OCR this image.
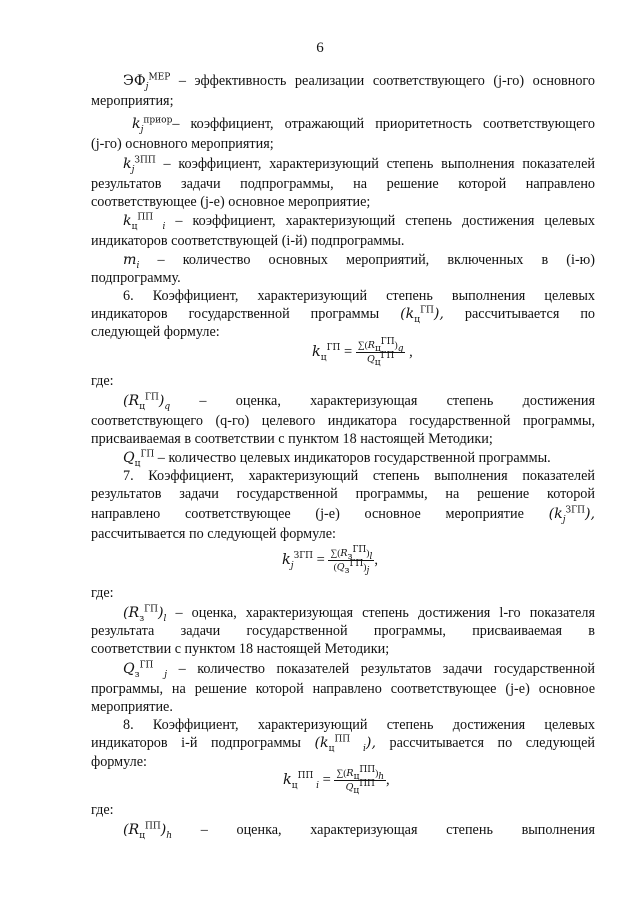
6
$ЭФ_j^{МЕР}$ – эффективность реализации соответствующего (j-го) основного
мероприятия;
$k_j^{приор}-$ коэффициент, отражающий приоритетность соответствующего
(j-го) основного мероприятия;
$k_j^{ЗПП}$ – коэффициент, характеризующий степень выполнения показателей
результатов задачи подпрограммы, на решение которой направлено
соответствующее (j-е) основное мероприятие;
$k_ц^{ПП}$ $_i$ – коэффициент, характеризующий степень достижения целевых
индикаторов соответствующей (i-й) подпрограммы.
$m_i$ – количество основных мероприятий, включенных в (i-ю)
подпрограмму.
6. Коэффициент, характеризующий степень выполнения целевых
индикаторов государственной программы $(k_ц^{ГП})$, рассчитывается по
следующей формуле:
$k_ц^{ГП} = \frac{\sum(R_ц^{ГП})_q}{Q_ц^{ГП}}$ ,
где:
$(R_ц^{ГП})_q$ – оценка, характеризующая степень достижения
соответствующего (q-го) целевого индикатора государственной программы,
присваиваемая в соответствии с пунктом 18 настоящей Методики;
$Q_ц^{ГП}$ – количество целевых индикаторов государственной программы.
7. Коэффициент, характеризующий степень выполнения показателей
результатов задачи государственной программы, на решение которой
направлено соответствующее (j-е) основное мероприятие $(k_j^{ЗГП})$,
рассчитывается по следующей формуле:
$k_j^{ЗГП} = \frac{\sum(R_з^{ГП})_l}{(Q_з^{ГП})_j}$ ,
где:
$(R_з^{ГП})_l$ – оценка, характеризующая степень достижения l-го показателя
результата задачи государственной программы, присваиваемая в
соответствии с пунктом 18 настоящей Методики;
$Q_з^{ГП}$ $_j$ – количество показателей результатов задачи государственной
программы, на решение которой направлено соответствующее (j-е) основное
мероприятие.
8. Коэффициент, характеризующий степень достижения целевых
индикаторов i-й подпрограммы ($k_ц^{ПП}$ $_i$), рассчитывается по следующей
формуле:
$k_ц^{ПП}$ $_i = \frac{\sum(R_ц^{ПП})_h}{Q_ц^{ПП}}$ ,
где:
$(R_ц^{ПП})_h$ – оценка, характеризующая степень выполнения
